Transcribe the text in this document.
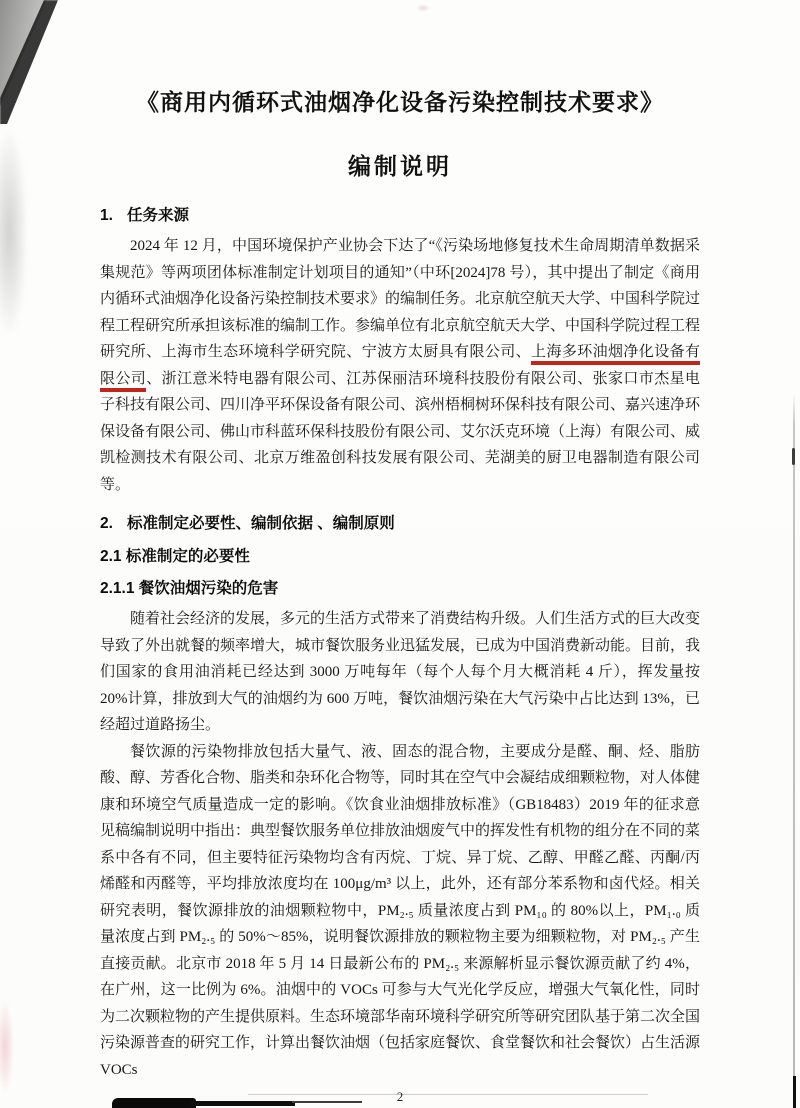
《商用内循环式油烟净化设备污染控制技术要求》
编制说明
1. 任务来源

2024 年 12 月，中国环境保护产业协会下达了“《污染场地修复技术生命周期清单数据采集规范》等两项团体标准制定计划项目的通知”（中环[2024]78 号），其中提出了制定《商用内循环式油烟净化设备污染控制技术要求》的编制任务。北京航空航天大学、中国科学院过程工程研究所承担该标准的编制工作。参编单位有北京航空航天大学、中国科学院过程工程研究所、上海市生态环境科学研究院、宁波方太厨具有限公司、上海多环油烟净化设备有限公司、浙江意米特电器有限公司、江苏保丽洁环境科技股份有限公司、张家口市杰星电子科技有限公司、四川净平环保设备有限公司、滨州梧桐树环保科技有限公司、嘉兴速净环保设备有限公司、佛山市科蓝环保科技股份有限公司、艾尔沃克环境（上海）有限公司、威凯检测技术有限公司、北京万维盈创科技发展有限公司、芜湖美的厨卫电器制造有限公司等。

2. 标准制定必要性、编制依据 、编制原则
2.1 标准制定的必要性
2.1.1 餐饮油烟污染的危害

随着社会经济的发展，多元的生活方式带来了消费结构升级。人们生活方式的巨大改变导致了外出就餐的频率增大，城市餐饮服务业迅猛发展，已成为中国消费新动能。目前，我们国家的食用油消耗已经达到 3000 万吨每年（每个人每个月大概消耗 4 斤），挥发量按 20%计算，排放到大气的油烟约为 600 万吨，餐饮油烟污染在大气污染中占比达到 13%，已经超过道路扬尘。

餐饮源的污染物排放包括大量气、液、固态的混合物，主要成分是醛、酮、烃、脂肪酸、醇、芳香化合物、脂类和杂环化合物等，同时其在空气中会凝结成细颗粒物，对人体健康和环境空气质量造成一定的影响。《饮食业油烟排放标准》（GB18483）2019 年的征求意见稿编制说明中指出：典型餐饮服务单位排放油烟废气中的挥发性有机物的组分在不同的菜系中各有不同，但主要特征污染物均含有丙烷、丁烷、异丁烷、乙醇、甲醛乙醛、丙酮/丙烯醛和丙醛等，平均排放浓度均在 100μg/m³ 以上，此外，还有部分苯系物和卤代烃。相关研究表明，餐饮源排放的油烟颗粒物中，PM₂.₅ 质量浓度占到 PM₁₀ 的 80%以上，PM₁.₀ 质量浓度占到 PM₂.₅ 的 50%～85%，说明餐饮源排放的颗粒物主要为细颗粒物，对 PM₂.₅ 产生直接贡献。北京市 2018 年 5 月 14 日最新公布的 PM₂.₅ 来源解析显示餐饮源贡献了约 4%，在广州，这一比例为 6%。油烟中的 VOCs 可参与大气光化学反应，增强大气氧化性，同时为二次颗粒物的产生提供原料。生态环境部华南环境科学研究所等研究团队基于第二次全国污染源普查的研究工作，计算出餐饮油烟（包括家庭餐饮、食堂餐饮和社会餐饮）占生活源 VOCs

2
